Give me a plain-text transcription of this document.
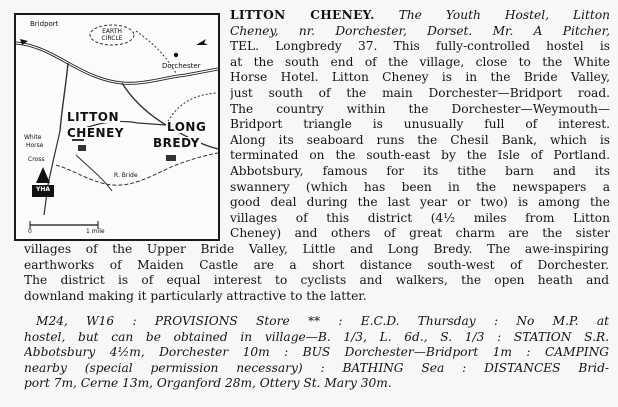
Bridport
EARTH CIRCLE
Dorchester
LITTON
CHENEY	LONG
BREDY
White
Horse
Cross
R. Bride
YHA
0	1 mile
LITTON CHENEY. The Youth Hostel, Litton
Cheney, nr. Dorchester, Dorset. Mr. A Pitcher,
TEL. Longbredy 37. This fully-controlled hostel is
at the south end of the village, close to the White
Horse Hotel. Litton Cheney is in the Bride Valley,
just south of the main Dorchester—Bridport road.
The country within the Dorchester—Weymouth—
Bridport triangle is unusually full of interest.
Along its seaboard runs the Chesil Bank, which is
terminated on the south-east by the Isle of Portland.
Abbotsbury, famous for its tithe barn and its
swannery (which has been in the newspapers a
good deal during the last year or two) is among the
villages of this district (4½ miles from Litton
Cheney) and others of great charm are the sister
villages of the Upper Bride Valley, Little and Long Bredy. The awe-inspiring
earthworks of Maiden Castle are a short distance south-west of Dorchester.
The district is of equal interest to cyclists and walkers, the open heath and
downland making it particularly attractive to the latter.
M24, W16 : PROVISIONS Store ** : E.C.D. Thursday : No M.P. at
hostel, but can be obtained in village—B. 1/3, L. 6d., S. 1/3 : STATION S.R.
Abbotsbury 4½m, Dorchester 10m : BUS Dorchester—Bridport 1m : CAMPING
nearby (special permission necessary) : BATHING Sea : DISTANCES Brid-
port 7m, Cerne 13m, Organford 28m, Ottery St. Mary 30m.
